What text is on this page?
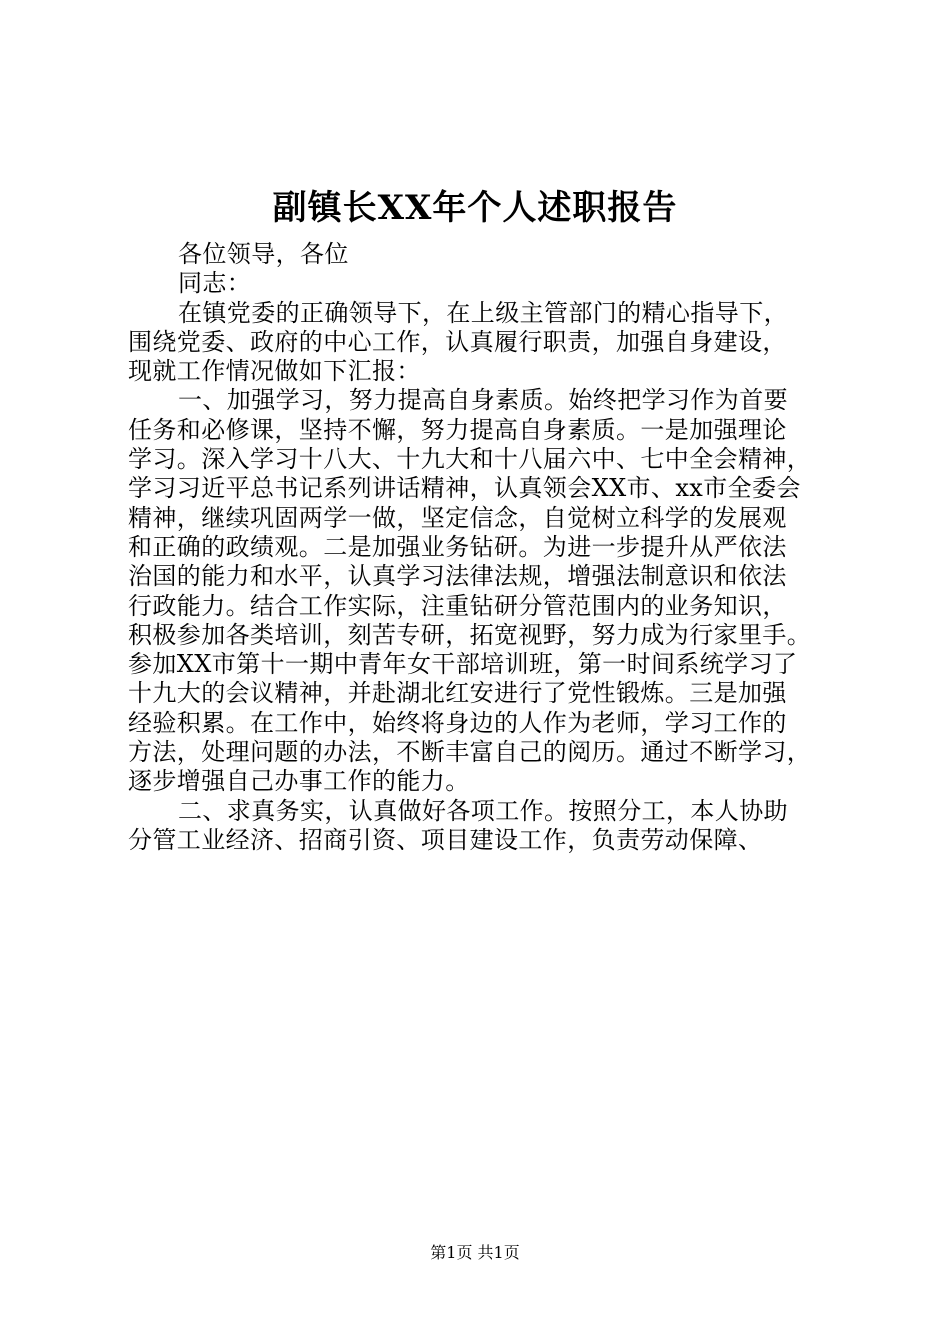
副镇长XX年个人述职报告
各位领导，各位
同志：
在镇党委的正确领导下，在上级主管部门的精心指导下，
围绕党委、政府的中心工作，认真履行职责，加强自身建设，
现就工作情况做如下汇报：
一、加强学习，努力提高自身素质。始终把学习作为首要
任务和必修课，坚持不懈，努力提高自身素质。一是加强理论
学习。深入学习十八大、十九大和十八届六中、七中全会精神，
学习习近平总书记系列讲话精神，认真领会XX市、xx市全委会
精神，继续巩固两学一做，坚定信念，自觉树立科学的发展观
和正确的政绩观。二是加强业务钻研。为进一步提升从严依法
治国的能力和水平，认真学习法律法规，增强法制意识和依法
行政能力。结合工作实际，注重钻研分管范围内的业务知识，
积极参加各类培训，刻苦专研，拓宽视野，努力成为行家里手。
参加XX市第十一期中青年女干部培训班，第一时间系统学习了
十九大的会议精神，并赴湖北红安进行了党性锻炼。三是加强
经验积累。在工作中，始终将身边的人作为老师，学习工作的
方法，处理问题的办法，不断丰富自己的阅历。通过不断学习，
逐步增强自己办事工作的能力。
二、求真务实，认真做好各项工作。按照分工，本人协助
分管工业经济、招商引资、项目建设工作，负责劳动保障、
第1页 共1页
